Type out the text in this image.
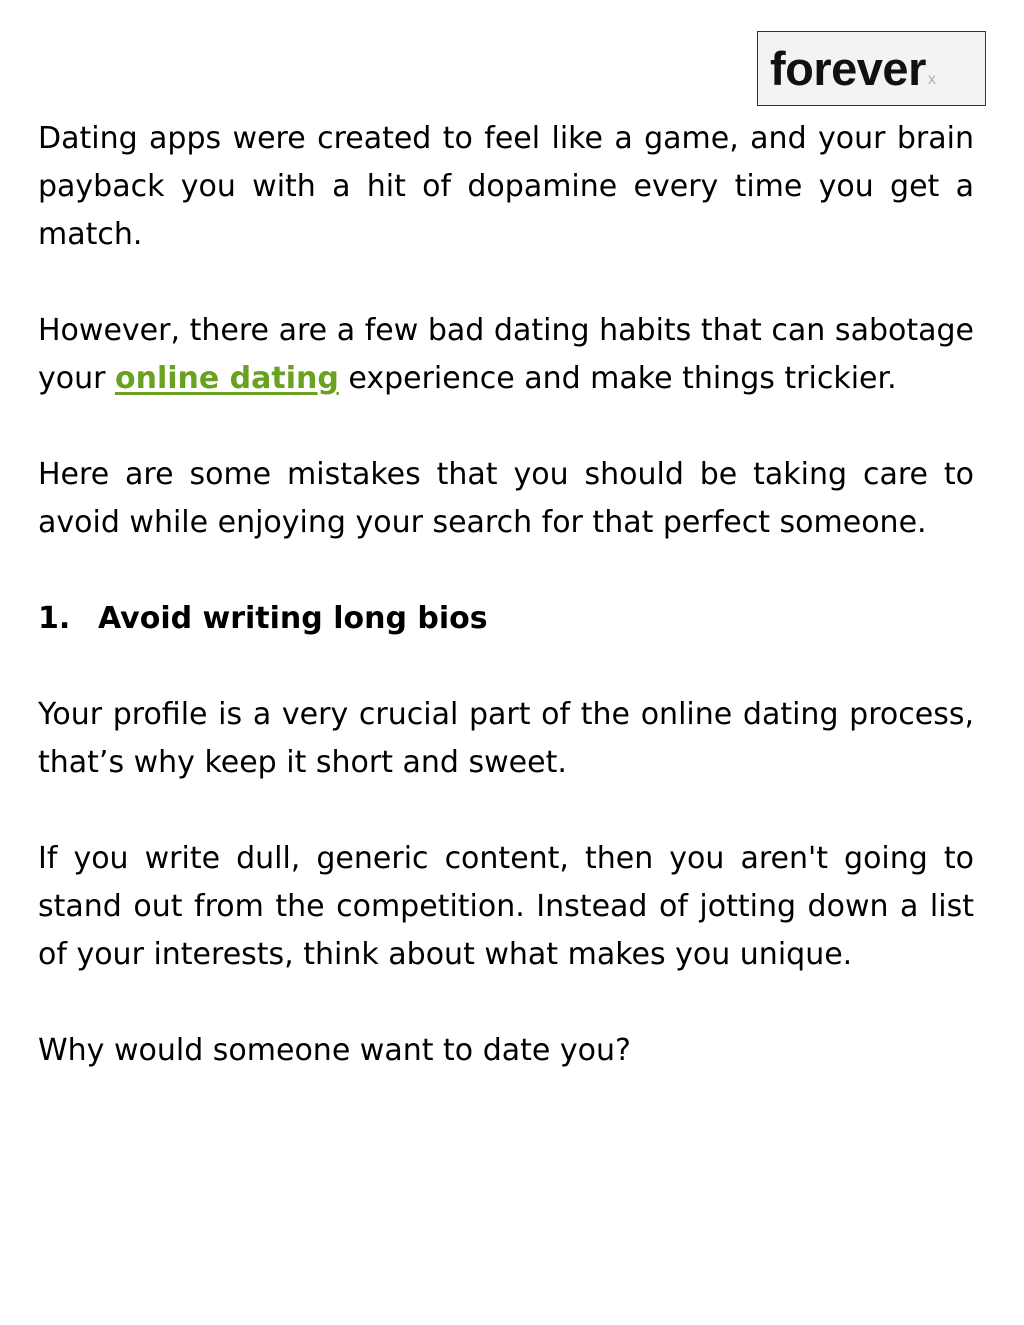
forever x

Dating apps were created to feel like a game, and your brain payback you with a hit of dopamine every time you get a match.

However, there are a few bad dating habits that can sabotage your online dating experience and make things trickier.

Here are some mistakes that you should be taking care to avoid while enjoying your search for that perfect someone.

1. Avoid writing long bios

Your profile is a very crucial part of the online dating process, that’s why keep it short and sweet.

If you write dull, generic content, then you aren't going to stand out from the competition. Instead of jotting down a list of your interests, think about what makes you unique.

Why would someone want to date you?
